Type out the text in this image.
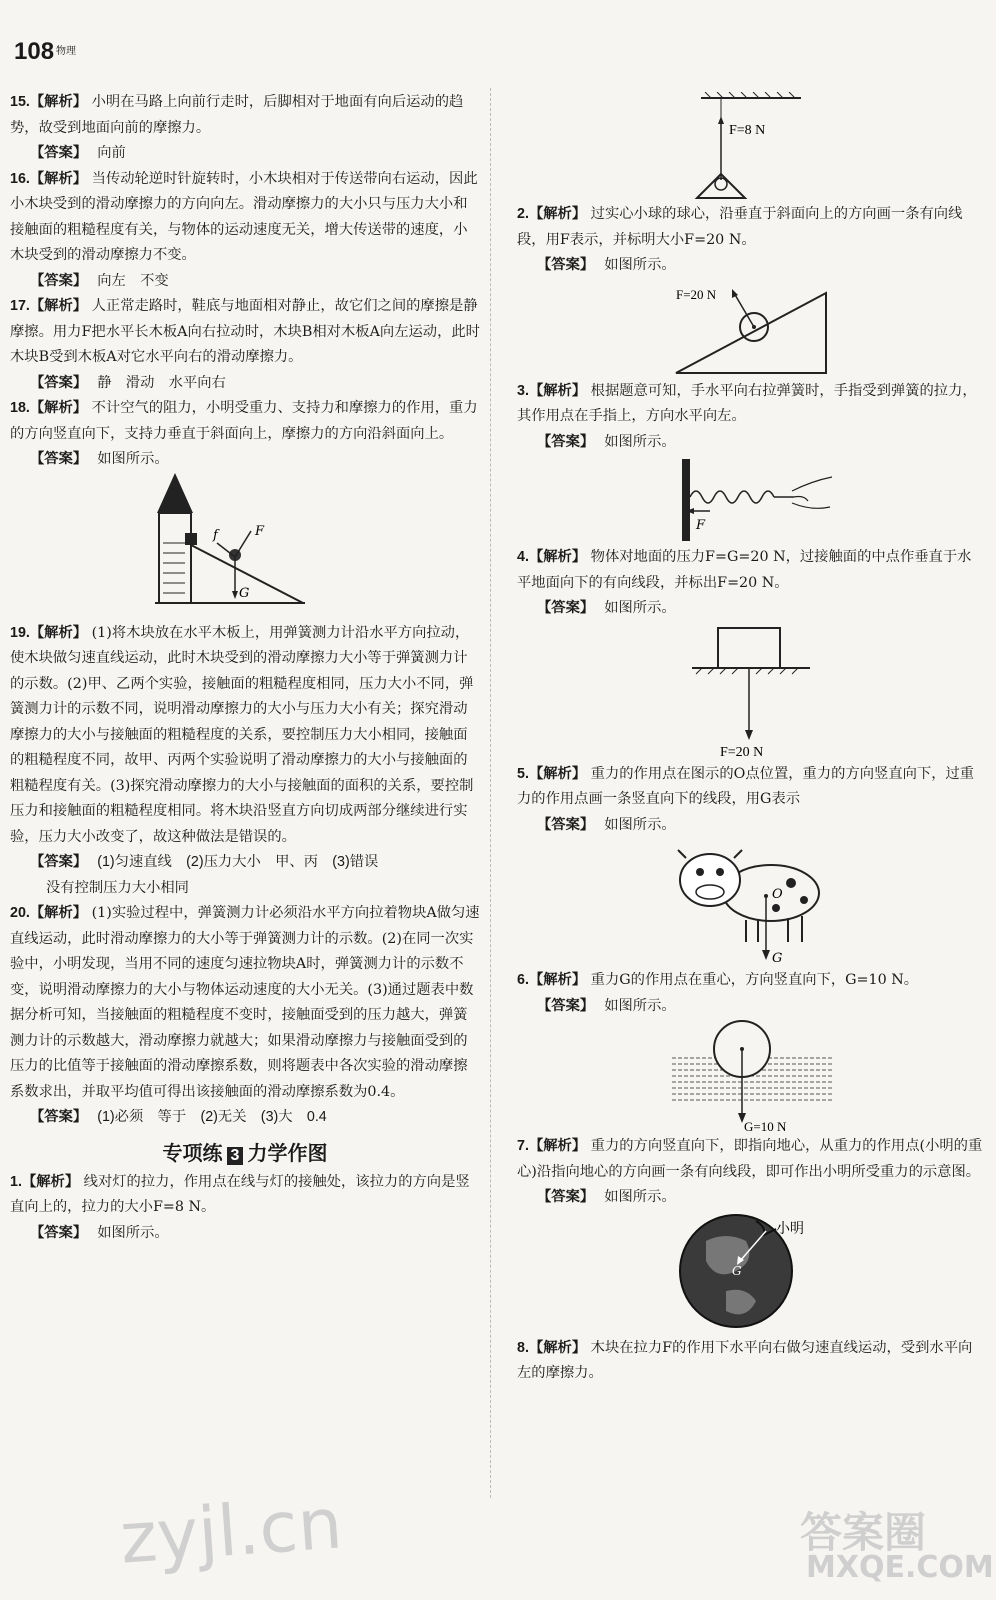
108 物理
15.【解析】 小明在马路上向前行走时，后脚相对于地面有向后运动的趋势，故受到地面向前的摩擦力。
【答案】 向前
16.【解析】 当传动轮逆时针旋转时，小木块相对于传送带向右运动，因此小木块受到的滑动摩擦力的方向向左。滑动摩擦力的大小只与压力大小和接触面的粗糙程度有关，与物体的运动速度无关，增大传送带的速度，小木块受到的滑动摩擦力不变。
【答案】 向左　不变
17.【解析】 人正常走路时，鞋底与地面相对静止，故它们之间的摩擦是静摩擦。用力F把水平长木板A向右拉动时，木块B相对木板A向左运动，此时木块B受到木板A对它水平向右的滑动摩擦力。
【答案】 静　滑动　水平向右
18.【解析】 不计空气的阻力，小明受重力、支持力和摩擦力的作用，重力的方向竖直向下，支持力垂直于斜面向上，摩擦力的方向沿斜面向上。
【答案】 如图所示。
f	F
G
19.【解析】 (1)将木块放在水平木板上，用弹簧测力计沿水平方向拉动，使木块做匀速直线运动，此时木块受到的滑动摩擦力大小等于弹簧测力计的示数。(2)甲、乙两个实验，接触面的粗糙程度相同，压力大小不同，弹簧测力计的示数不同，说明滑动摩擦力的大小与压力大小有关；探究滑动摩擦力的大小与接触面的粗糙程度的关系，要控制压力大小相同，接触面的粗糙程度不同，故甲、丙两个实验说明了滑动摩擦力的大小与接触面的粗糙程度有关。(3)探究滑动摩擦力的大小与接触面的面积的关系，要控制压力和接触面的粗糙程度相同。将木块沿竖直方向切成两部分继续进行实验，压力大小改变了，故这种做法是错误的。
【答案】 (1)匀速直线　(2)压力大小　甲、丙　(3)错误
没有控制压力大小相同
20.【解析】 (1)实验过程中，弹簧测力计必须沿水平方向拉着物块A做匀速直线运动，此时滑动摩擦力的大小等于弹簧测力计的示数。(2)在同一次实验中，小明发现，当用不同的速度匀速拉物块A时，弹簧测力计的示数不变，说明滑动摩擦力的大小与物体运动速度的大小无关。(3)通过题表中数据分析可知，当接触面的粗糙程度不变时，接触面受到的压力越大，弹簧测力计的示数越大，滑动摩擦力就越大；如果滑动摩擦力与接触面受到的压力的比值等于接触面的滑动摩擦系数，则将题表中各次实验的滑动摩擦系数求出，并取平均值可得出该接触面的滑动摩擦系数为0.4。
【答案】 (1)必须　等于　(2)无关　(3)大　0.4
专项练 3 力学作图
1.【解析】 线对灯的拉力，作用点在线与灯的接触处，该拉力的方向是竖直向上的，拉力的大小F=8 N。
【答案】 如图所示。
F=8 N
2.【解析】 过实心小球的球心，沿垂直于斜面向上的方向画一条有向线段，用F表示，并标明大小F=20 N。
【答案】 如图所示。
F=20 N
3.【解析】 根据题意可知，手水平向右拉弹簧时，手指受到弹簧的拉力，其作用点在手指上，方向水平向左。
【答案】 如图所示。
F
4.【解析】 物体对地面的压力F=G=20 N，过接触面的中点作垂直于水平地面向下的有向线段，并标出F=20 N。
【答案】 如图所示。
F=20 N
5.【解析】 重力的作用点在图示的O点位置，重力的方向竖直向下，过重力的作用点画一条竖直向下的线段，用G表示
【答案】 如图所示。
O
G
6.【解析】 重力G的作用点在重心，方向竖直向下，G=10 N。
【答案】 如图所示。
G=10 N
7.【解析】 重力的方向竖直向下，即指向地心，从重力的作用点(小明的重心)沿指向地心的方向画一条有向线段，即可作出小明所受重力的示意图。
【答案】 如图所示。
G
小明
8.【解析】 木块在拉力F的作用下水平向右做匀速直线运动，受到水平向左的摩擦力。
zyjl.cn	答案圈
MXQE.COM
